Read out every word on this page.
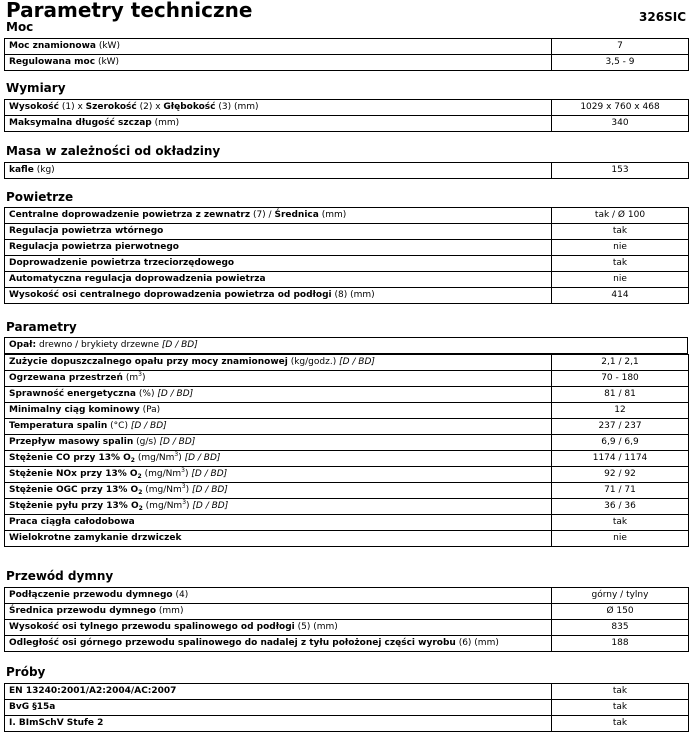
Parametry techniczne	326SIC
Moc
Moc znamionowa (kW)	7
Regulowana moc (kW)	3,5 - 9
Wymiary
Wysokość (1) x Szerokość (2) x Głębokość (3) (mm)	1029 x 760 x 468
Maksymalna długość szczap (mm)	340
Masa w zależności od okładziny
kafle (kg)	153
Powietrze
Centralne doprowadzenie powietrza z zewnatrz (7) / Średnica (mm)	tak / Ø 100
Regulacja powietrza wtórnego	tak
Regulacja powietrza pierwotnego	nie
Doprowadzenie powietrza trzeciorzędowego	tak
Automatyczna regulacja doprowadzenia powietrza	nie
Wysokość osi centralnego doprowadzenia powietrza od podłogi (8) (mm)	414
Parametry
Opał: drewno / brykiety drzewne [D / BD]
Zużycie dopuszczalnego opału przy mocy znamionowej (kg/godz.) [D / BD]	2,1 / 2,1
Ogrzewana przestrzeń $(m^3)$	70 - 180
Sprawność energetyczna (%) [D / BD]	81 / 81
Minimalny ciąg kominowy (Pa)	12
Temperatura spalin (°C) [D / BD]	237 / 237
Przepływ masowy spalin (g/s) [D / BD]	6,9 / 6,9
Stężenie CO przy 13% $O_2$ (mg/Nm$^3$) [D / BD]	1174 / 1174
Stężenie NOx przy 13% $O_2$ (mg/Nm$^3$) [D / BD]	92 / 92
Stężenie OGC przy 13% $O_2$ (mg/Nm$^3$) [D / BD]	71 / 71
Stężenie pyłu przy 13% $O_2$ (mg/Nm$^3$) [D / BD]	36 / 36
Praca ciągła całodobowa	tak
Wielokrotne zamykanie drzwiczek	nie
Przewód dymny
Podłączenie przewodu dymnego (4)	górny / tylny
Średnica przewodu dymnego (mm)	Ø 150
Wysokość osi tylnego przewodu spalinowego od podłogi (5) (mm)	835
Odległość osi górnego przewodu spalinowego do nadalej z tyłu położonej części wyrobu (6) (mm)	188
Próby
EN 13240:2001/A2:2004/AC:2007	tak
BvG §15a	tak
I. BImSchV Stufe 2	tak
